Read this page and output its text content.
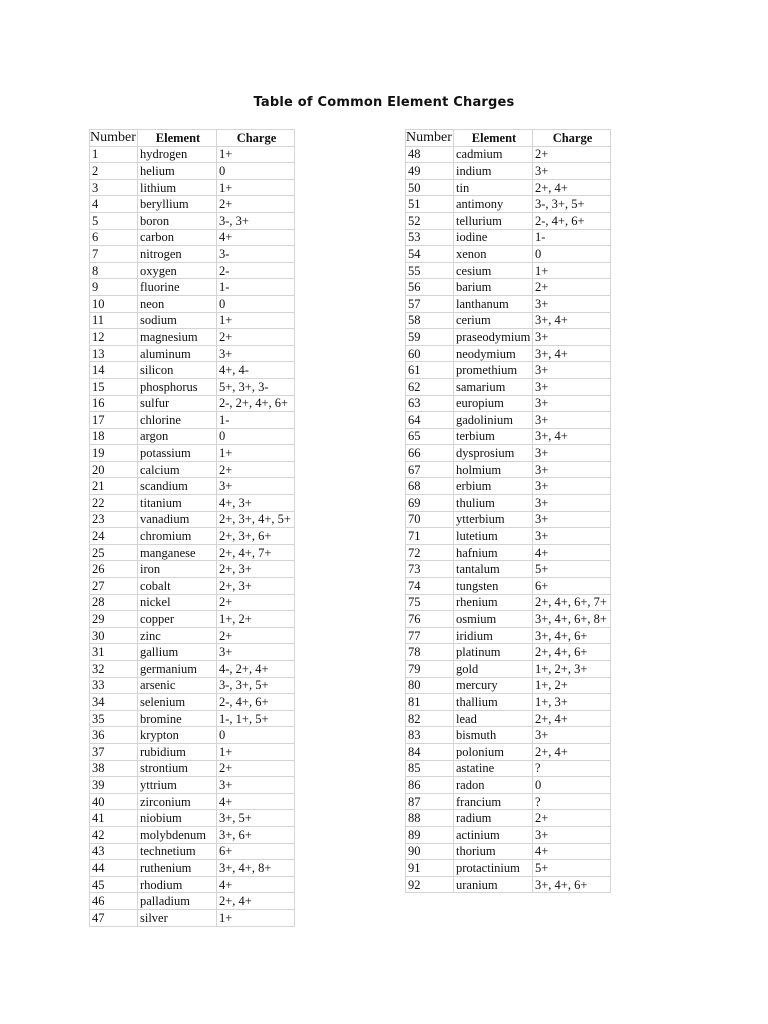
Table of Common Element Charges
Number	Element	Charge
1	hydrogen	1+
2	helium	0
3	lithium	1+
4	beryllium	2+
5	boron	3-, 3+
6	carbon	4+
7	nitrogen	3-
8	oxygen	2-
9	fluorine	1-
10	neon	0
11	sodium	1+
12	magnesium	2+
13	aluminum	3+
14	silicon	4+, 4-
15	phosphorus	5+, 3+, 3-
16	sulfur	2-, 2+, 4+, 6+
17	chlorine	1-
18	argon	0
19	potassium	1+
20	calcium	2+
21	scandium	3+
22	titanium	4+, 3+
23	vanadium	2+, 3+, 4+, 5+
24	chromium	2+, 3+, 6+
25	manganese	2+, 4+, 7+
26	iron	2+, 3+
27	cobalt	2+, 3+
28	nickel	2+
29	copper	1+, 2+
30	zinc	2+
31	gallium	3+
32	germanium	4-, 2+, 4+
33	arsenic	3-, 3+, 5+
34	selenium	2-, 4+, 6+
35	bromine	1-, 1+, 5+
36	krypton	0
37	rubidium	1+
38	strontium	2+
39	yttrium	3+
40	zirconium	4+
41	niobium	3+, 5+
42	molybdenum	3+, 6+
43	technetium	6+
44	ruthenium	3+, 4+, 8+
45	rhodium	4+
46	palladium	2+, 4+
47	silver	1+
Number	Element	Charge
48	cadmium	2+
49	indium	3+
50	tin	2+, 4+
51	antimony	3-, 3+, 5+
52	tellurium	2-, 4+, 6+
53	iodine	1-
54	xenon	0
55	cesium	1+
56	barium	2+
57	lanthanum	3+
58	cerium	3+, 4+
59	praseodymium	3+
60	neodymium	3+, 4+
61	promethium	3+
62	samarium	3+
63	europium	3+
64	gadolinium	3+
65	terbium	3+, 4+
66	dysprosium	3+
67	holmium	3+
68	erbium	3+
69	thulium	3+
70	ytterbium	3+
71	lutetium	3+
72	hafnium	4+
73	tantalum	5+
74	tungsten	6+
75	rhenium	2+, 4+, 6+, 7+
76	osmium	3+, 4+, 6+, 8+
77	iridium	3+, 4+, 6+
78	platinum	2+, 4+, 6+
79	gold	1+, 2+, 3+
80	mercury	1+, 2+
81	thallium	1+, 3+
82	lead	2+, 4+
83	bismuth	3+
84	polonium	2+, 4+
85	astatine	?
86	radon	0
87	francium	?
88	radium	2+
89	actinium	3+
90	thorium	4+
91	protactinium	5+
92	uranium	3+, 4+, 6+
